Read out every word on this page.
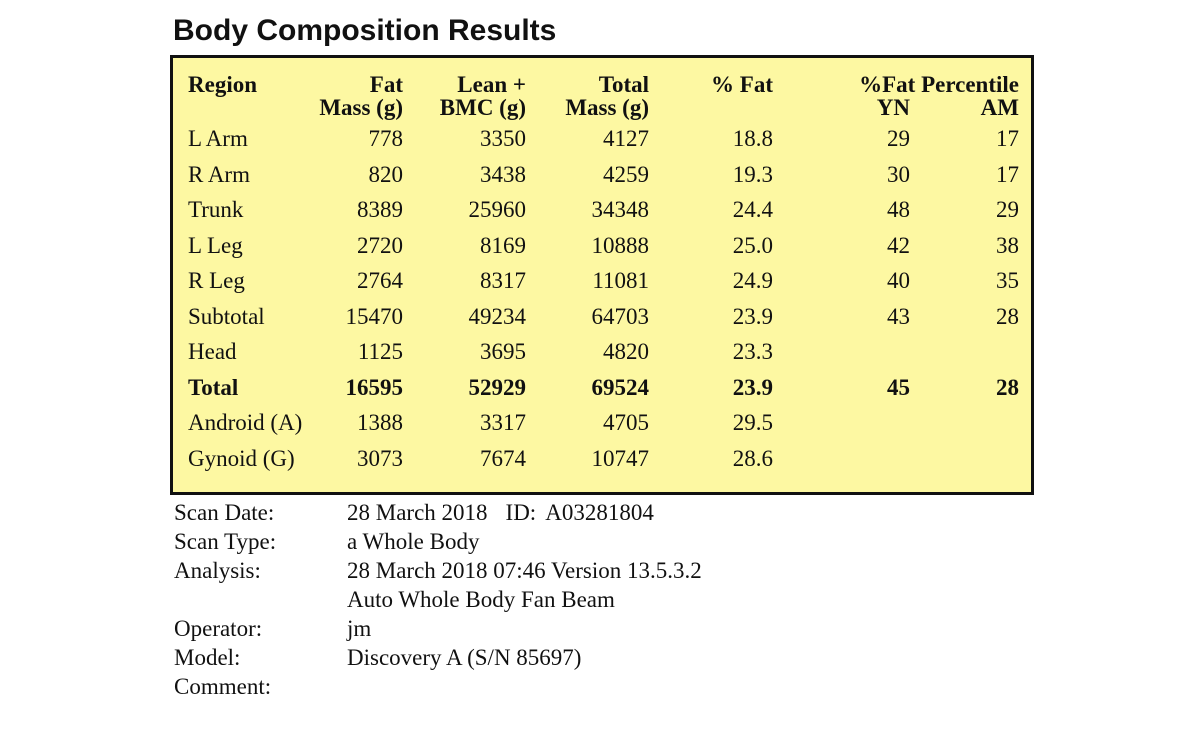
Body Composition Results
Region	Fat	Lean +	Total	% Fat	%Fat Percentile	
	Mass (g)	BMC (g)	Mass (g)		YN	AM
L Arm	778	3350	4127	18.8	29	17
R Arm	820	3438	4259	19.3	30	17
Trunk	8389	25960	34348	24.4	48	29
L Leg	2720	8169	10888	25.0	42	38
R Leg	2764	8317	11081	24.9	40	35
Subtotal	15470	49234	64703	23.9	43	28
Head	1125	3695	4820	23.3		
Total	16595	52929	69524	23.9	45	28
Android (A)	1388	3317	4705	29.5		
Gynoid (G)	3073	7674	10747	28.6		
Scan Date:	28 March 2018 ID: A03281804
Scan Type:	a Whole Body
Analysis:	28 March 2018 07:46 Version 13.5.3.2
Auto Whole Body Fan Beam
Operator:	jm
Model:	Discovery A (S/N 85697)
Comment:
